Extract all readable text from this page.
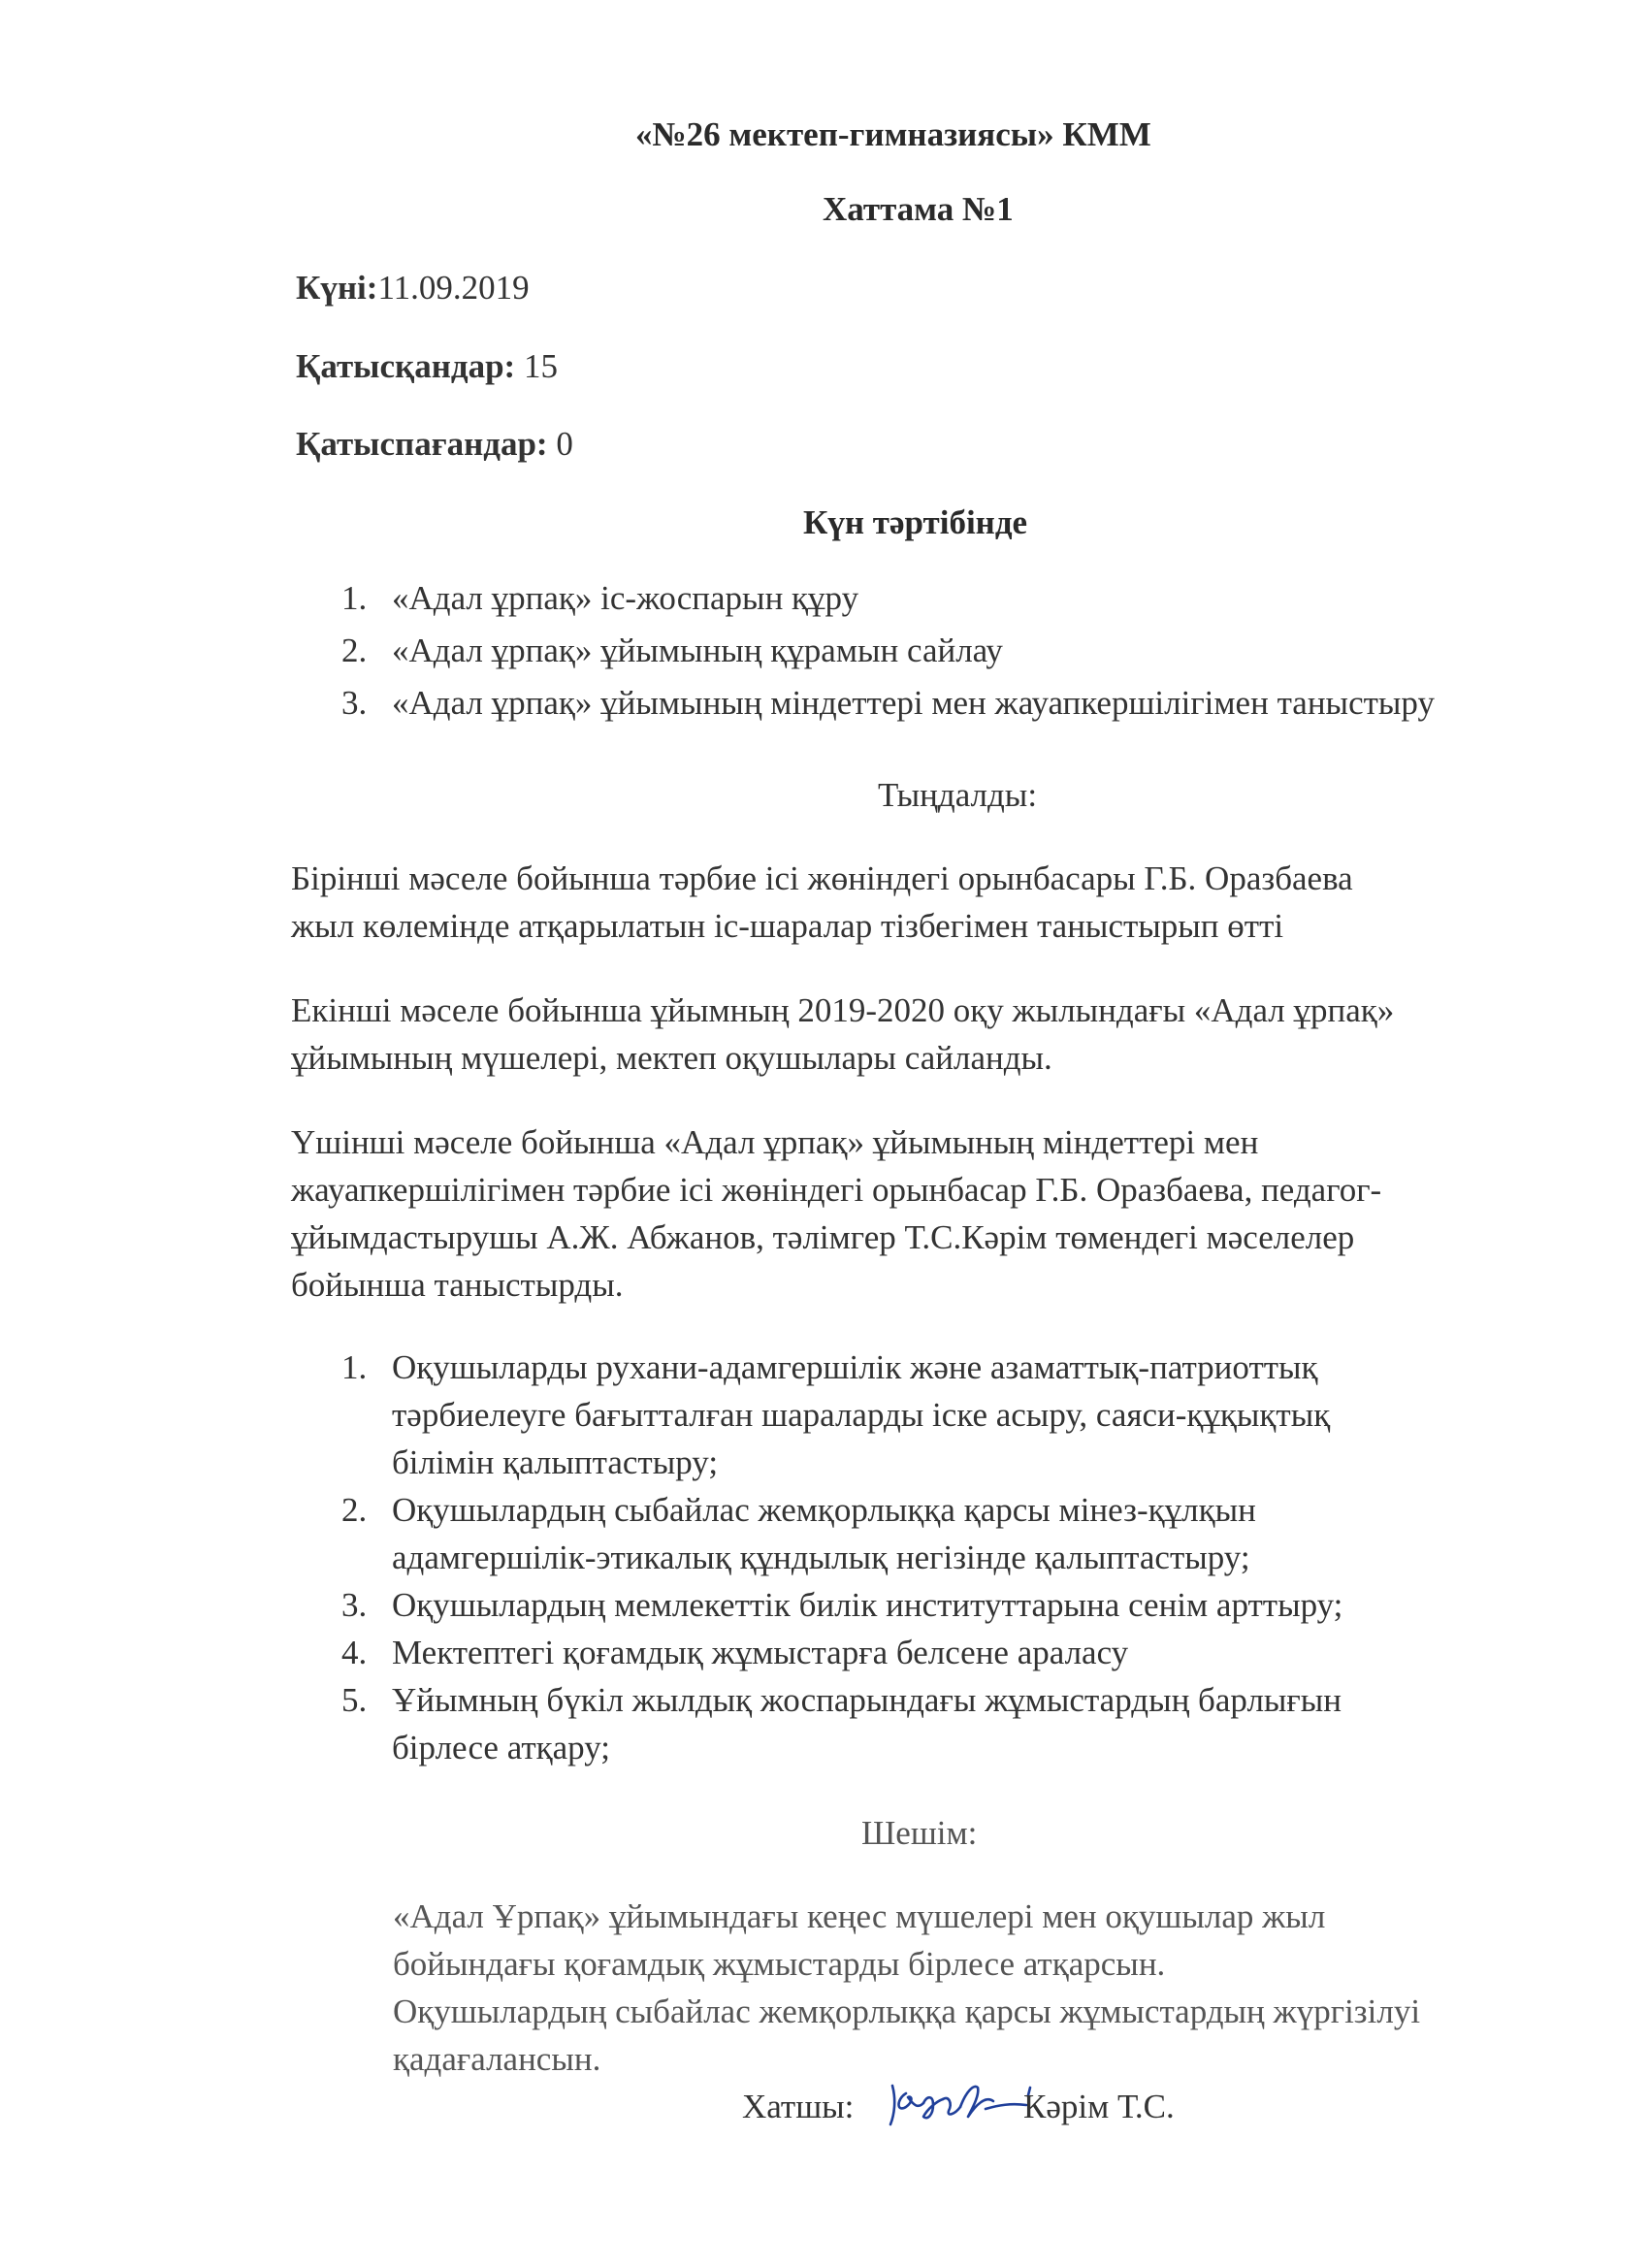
«№26 мектеп-гимназиясы» КММ
Хаттама №1
Күні:11.09.2019
Қатысқандар: 15
Қатыспағандар: 0
Күн тәртібінде
1. «Адал ұрпақ» іс-жоспарын құру
2. «Адал ұрпақ» ұйымының құрамын сайлау
3. «Адал ұрпақ» ұйымының міндеттері мен жауапкершілігімен таныстыру
Тыңдалды:
Бірінші мәселе бойынша тәрбие ісі жөніндегі орынбасары Г.Б. Оразбаева
жыл көлемінде атқарылатын іс-шаралар тізбегімен таныстырып өтті
Екінші мәселе бойынша ұйымның 2019-2020 оқу жылындағы «Адал ұрпақ»
ұйымының мүшелері, мектеп оқушылары сайланды.
Үшінші мәселе бойынша «Адал ұрпақ» ұйымының міндеттері мен
жауапкершілігімен тәрбие ісі жөніндегі орынбасар Г.Б. Оразбаева, педагог-
ұйымдастырушы А.Ж. Абжанов, тәлімгер Т.С.Кәрім төмендегі мәселелер
бойынша таныстырды.
1. Оқушыларды рухани-адамгершілік және азаматтық-патриоттық
тәрбиелеуге бағытталған шараларды іске асыру, саяси-құқықтық
білімін қалыптастыру;
2. Оқушылардың сыбайлас жемқорлыққа қарсы мінез-құлқын
адамгершілік-этикалық құндылық негізінде қалыптастыру;
3. Оқушылардың мемлекеттік билік институттарына сенім арттыру;
4. Мектептегі қоғамдық жұмыстарға белсене араласу
5. Ұйымның бүкіл жылдық жоспарындағы жұмыстардың барлығын
бірлесе атқару;
Шешім:
«Адал Ұрпақ» ұйымындағы кеңес мүшелері мен оқушылар жыл
бойындағы қоғамдық жұмыстарды бірлесе атқарсын.
Оқушылардың сыбайлас жемқорлыққа қарсы жұмыстардың жүргізілуі
қадағалансын.
Хатшы:	Кәрім Т.С.
